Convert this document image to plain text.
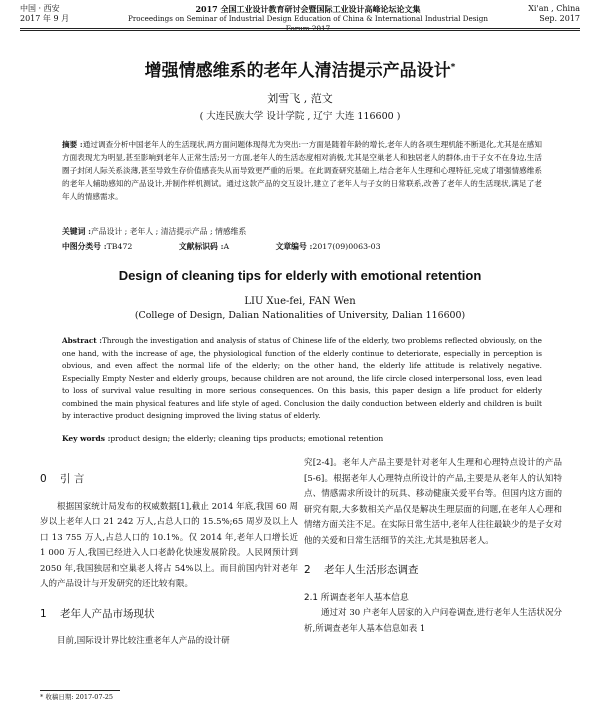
中国 · 西安
2017 年 9 月
2017 全国工业设计教育研讨会暨国际工业设计高峰论坛论文集
Proceedings on Seminar of Industrial Design Education of China & International Industrial Design Forum 2017
Xi'an , China
Sep. 2017
增强情感维系的老年人清洁提示产品设计*
刘雪飞 , 范文
( 大连民族大学 设计学院 , 辽宁 大连 116600 )
摘要 :通过调查分析中国老年人的生活现状,两方面问题体现得尤为突出:一方面是随着年龄的增长,老年人的各项生理机能不断退化,尤其是在感知方面表现尤为明显,甚至影响到老年人正常生活;另一方面,老年人的生活态度相对消极,尤其是空巢老人和独居老人的群体,由于子女不在身边,生活圈子封闭人际关系淡薄,甚至导致生存价值感丧失从而导致更严重的后果。在此调查研究基础上,结合老年人生理和心理特征,完成了增强情感维系的老年人辅助感知的产品设计,并制作样机测试。通过这款产品的交互设计,建立了老年人与子女的日常联系,改善了老年人的生活现状,满足了老年人的情感需求。
关键词 :产品设计 ; 老年人 ; 清洁提示产品 ; 情感维系
中图分类号 :TB472	文献标识码 :A	文章编号 :2017(09)0063-03
Design of cleaning tips for elderly with emotional retention
LIU Xue-fei, FAN Wen
(College of Design, Dalian Nationalities of University, Dalian 116600)
Abstract :Through the investigation and analysis of status of Chinese life of the elderly, two problems reflected obviously, on the one hand, with the increase of age, the physiological function of the elderly continue to deteriorate, especially in perception is obvious, and even affect the normal life of the elderly; on the other hand, the elderly life attitude is relatively negative. Especially Empty Nester and elderly groups, because children are not around, the life circle closed interpersonal loss, even lead to loss of survival value resulting in more serious consequences. On this basis, this paper design a life product for elderly combined the main physical features and life style of aged. Conclusion the daily conduction between elderly and children is built by interactive product designing improved the living status of elderly.
Key words :product design; the elderly; cleaning tips products; emotional retention
0 引 言

根据国家统计局发布的权威数据[1],截止 2014 年底,我国 60 周岁以上老年人口 21 242 万人,占总人口的 15.5%;65 周岁及以上人口 13 755 万人,占总人口的 10.1%。仅 2014 年,老年人口增长近 1 000 万人,我国已经进入人口老龄化快速发展阶段。人民网预计到 2050 年,我国独居和空巢老人将占 54%以上。而目前国内针对老年人的产品设计与开发研究的还比较有限。

1 老年人产品市场现状

目前,国际设计界比较注重老年人产品的设计研

究[2-4]。老年人产品主要是针对老年人生理和心理特点设计的产品[5-6]。根据老年人心理特点所设计的产品,主要是从老年人的认知特点、情感需求所设计的玩具、移动健康关爱平台等。但国内这方面的研究有限,大多数相关产品仅是解决生理层面的问题,在老年人心理和情绪方面关注不足。在实际日常生活中,老年人往往最缺少的是子女对他的关爱和日常生活细节的关注,尤其是独居老人。

2 老年人生活形态调查

2.1 所调查老年人基本信息

通过对 30 户老年人居家的入户问卷调查,进行老年人生活状况分析,所调查老年人基本信息如表 1

* 收稿日期: 2017-07-25
